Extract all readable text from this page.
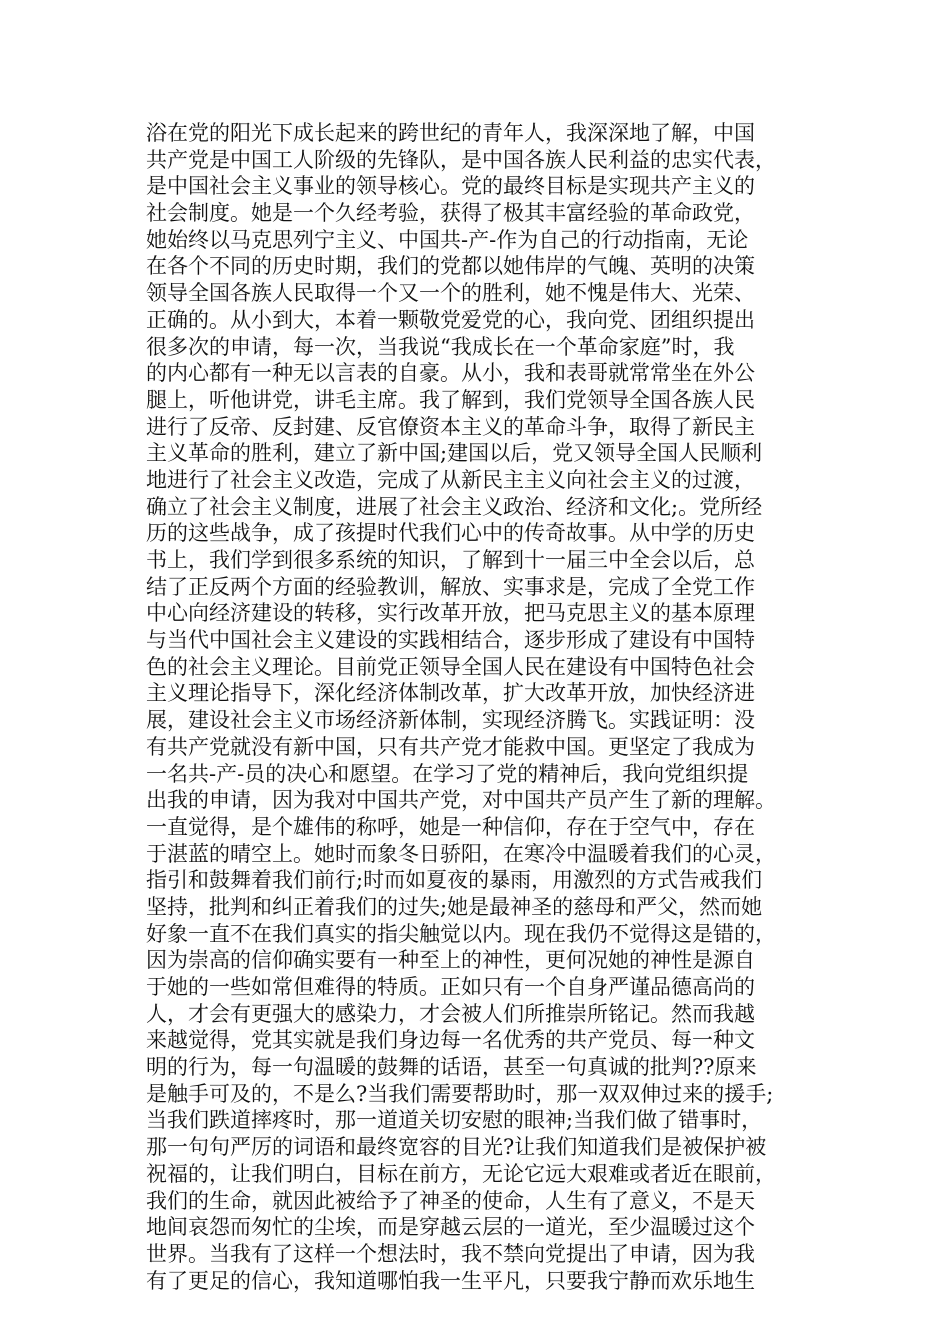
浴在党的阳光下成长起来的跨世纪的青年人，我深深地了解，中国
共产党是中国工人阶级的先锋队，是中国各族人民利益的忠实代表，
是中国社会主义事业的领导核心。党的最终目标是实现共产主义的
社会制度。她是一个久经考验，获得了极其丰富经验的革命政党，
她始终以马克思列宁主义、中国共-产-作为自己的行动指南，无论
在各个不同的历史时期，我们的党都以她伟岸的气魄、英明的决策
领导全国各族人民取得一个又一个的胜利，她不愧是伟大、光荣、
正确的。从小到大，本着一颗敬党爱党的心，我向党、团组织提出
很多次的申请，每一次，当我说“我成长在一个革命家庭”时，我
的内心都有一种无以言表的自豪。从小，我和表哥就常常坐在外公
腿上，听他讲党，讲毛主席。我了解到，我们党领导全国各族人民
进行了反帝、反封建、反官僚资本主义的革命斗争，取得了新民主
主义革命的胜利，建立了新中国;建国以后，党又领导全国人民顺利
地进行了社会主义改造，完成了从新民主主义向社会主义的过渡，
确立了社会主义制度，进展了社会主义政治、经济和文化;。党所经
历的这些战争，成了孩提时代我们心中的传奇故事。从中学的历史
书上，我们学到很多系统的知识，了解到十一届三中全会以后，总
结了正反两个方面的经验教训，解放、实事求是，完成了全党工作
中心向经济建设的转移，实行改革开放，把马克思主义的基本原理
与当代中国社会主义建设的实践相结合，逐步形成了建设有中国特
色的社会主义理论。目前党正领导全国人民在建设有中国特色社会
主义理论指导下，深化经济体制改革，扩大改革开放，加快经济进
展，建设社会主义市场经济新体制，实现经济腾飞。实践证明：没
有共产党就没有新中国，只有共产党才能救中国。更坚定了我成为
一名共-产-员的决心和愿望。在学习了党的精神后，我向党组织提
出我的申请，因为我对中国共产党，对中国共产员产生了新的理解。
一直觉得，是个雄伟的称呼，她是一种信仰，存在于空气中，存在
于湛蓝的晴空上。她时而象冬日骄阳，在寒冷中温暖着我们的心灵，
指引和鼓舞着我们前行;时而如夏夜的暴雨，用激烈的方式告戒我们
坚持，批判和纠正着我们的过失;她是最神圣的慈母和严父，然而她
好象一直不在我们真实的指尖触觉以内。现在我仍不觉得这是错的，
因为崇高的信仰确实要有一种至上的神性，更何况她的神性是源自
于她的一些如常但难得的特质。正如只有一个自身严谨品德高尚的
人，才会有更强大的感染力，才会被人们所推崇所铭记。然而我越
来越觉得，党其实就是我们身边每一名优秀的共产党员、每一种文
明的行为，每一句温暖的鼓舞的话语，甚至一句真诚的批判??原来
是触手可及的，不是么?当我们需要帮助时，那一双双伸过来的援手;
当我们跌道摔疼时，那一道道关切安慰的眼神;当我们做了错事时，
那一句句严厉的词语和最终宽容的目光?让我们知道我们是被保护被
祝福的，让我们明白，目标在前方，无论它远大艰难或者近在眼前，
我们的生命，就因此被给予了神圣的使命，人生有了意义，不是天
地间哀怨而匆忙的尘埃，而是穿越云层的一道光，至少温暖过这个
世界。当我有了这样一个想法时，我不禁向党提出了申请，因为我
有了更足的信心，我知道哪怕我一生平凡，只要我宁静而欢乐地生
